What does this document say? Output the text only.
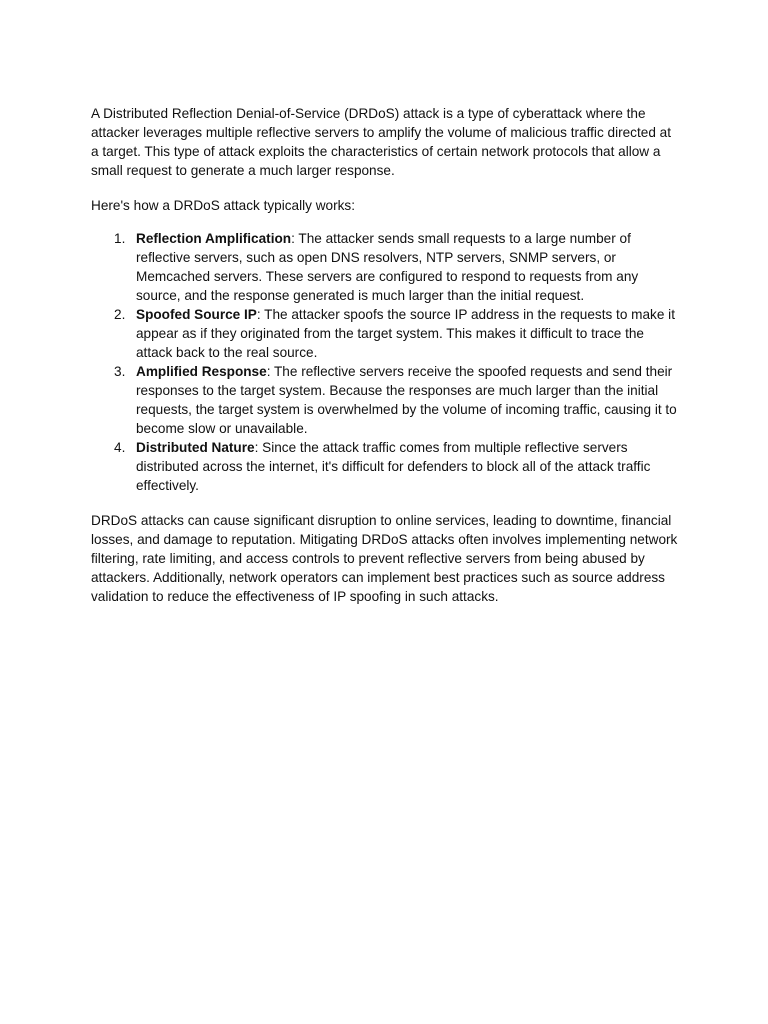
A Distributed Reflection Denial-of-Service (DRDoS) attack is a type of cyberattack where the attacker leverages multiple reflective servers to amplify the volume of malicious traffic directed at a target. This type of attack exploits the characteristics of certain network protocols that allow a small request to generate a much larger response.

Here's how a DRDoS attack typically works:

Reflection Amplification: The attacker sends small requests to a large number of reflective servers, such as open DNS resolvers, NTP servers, SNMP servers, or Memcached servers. These servers are configured to respond to requests from any source, and the response generated is much larger than the initial request.
Spoofed Source IP: The attacker spoofs the source IP address in the requests to make it appear as if they originated from the target system. This makes it difficult to trace the attack back to the real source.
Amplified Response: The reflective servers receive the spoofed requests and send their responses to the target system. Because the responses are much larger than the initial requests, the target system is overwhelmed by the volume of incoming traffic, causing it to become slow or unavailable.
Distributed Nature: Since the attack traffic comes from multiple reflective servers distributed across the internet, it's difficult for defenders to block all of the attack traffic effectively.

DRDoS attacks can cause significant disruption to online services, leading to downtime, financial losses, and damage to reputation. Mitigating DRDoS attacks often involves implementing network filtering, rate limiting, and access controls to prevent reflective servers from being abused by attackers. Additionally, network operators can implement best practices such as source address validation to reduce the effectiveness of IP spoofing in such attacks.
